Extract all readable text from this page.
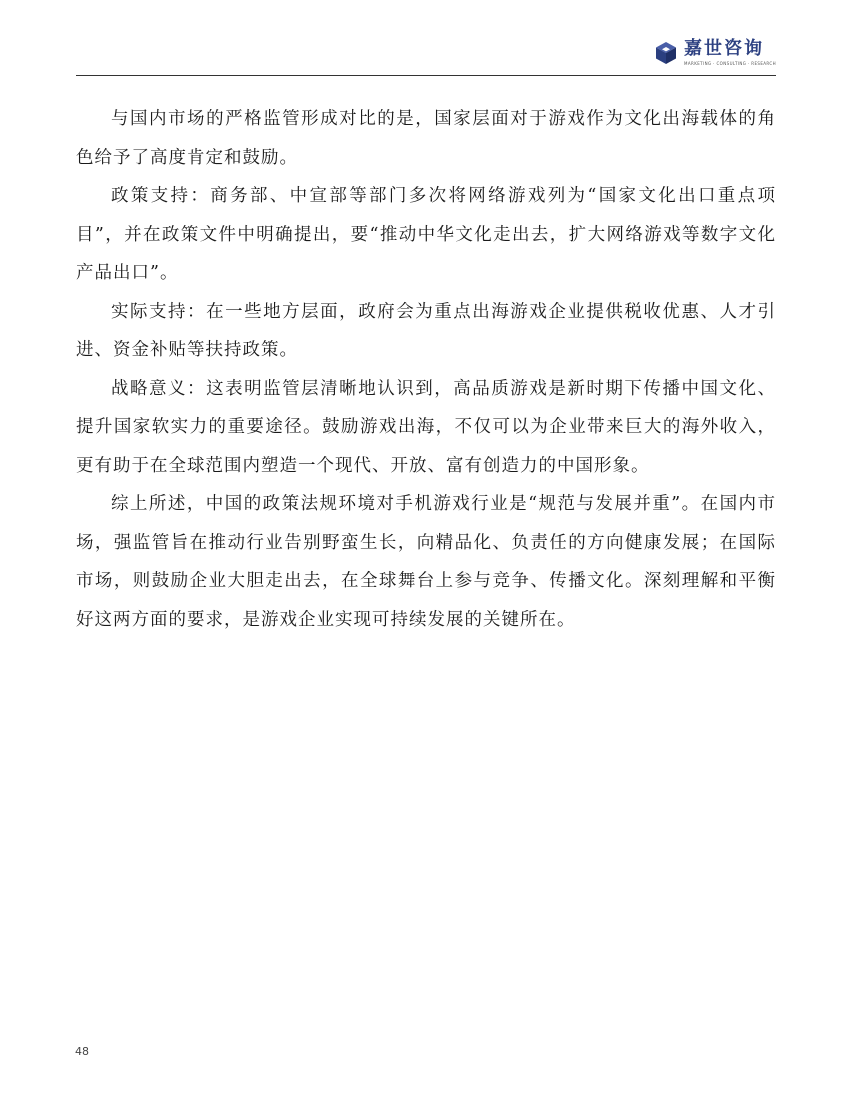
嘉世咨询
MARKETING · CONSULTING · RESEARCH

与国内市场的严格监管形成对比的是，国家层面对于游戏作为文化出海载体的角色给予了高度肯定和鼓励。

政策支持：商务部、中宣部等部门多次将网络游戏列为“国家文化出口重点项目”，并在政策文件中明确提出，要“推动中华文化走出去，扩大网络游戏等数字文化产品出口”。

实际支持：在一些地方层面，政府会为重点出海游戏企业提供税收优惠、人才引进、资金补贴等扶持政策。

战略意义：这表明监管层清晰地认识到，高品质游戏是新时期下传播中国文化、提升国家软实力的重要途径。鼓励游戏出海，不仅可以为企业带来巨大的海外收入，更有助于在全球范围内塑造一个现代、开放、富有创造力的中国形象。

综上所述，中国的政策法规环境对手机游戏行业是“规范与发展并重”。在国内市场，强监管旨在推动行业告别野蛮生长，向精品化、负责任的方向健康发展；在国际市场，则鼓励企业大胆走出去，在全球舞台上参与竞争、传播文化。深刻理解和平衡好这两方面的要求，是游戏企业实现可持续发展的关键所在。

48
